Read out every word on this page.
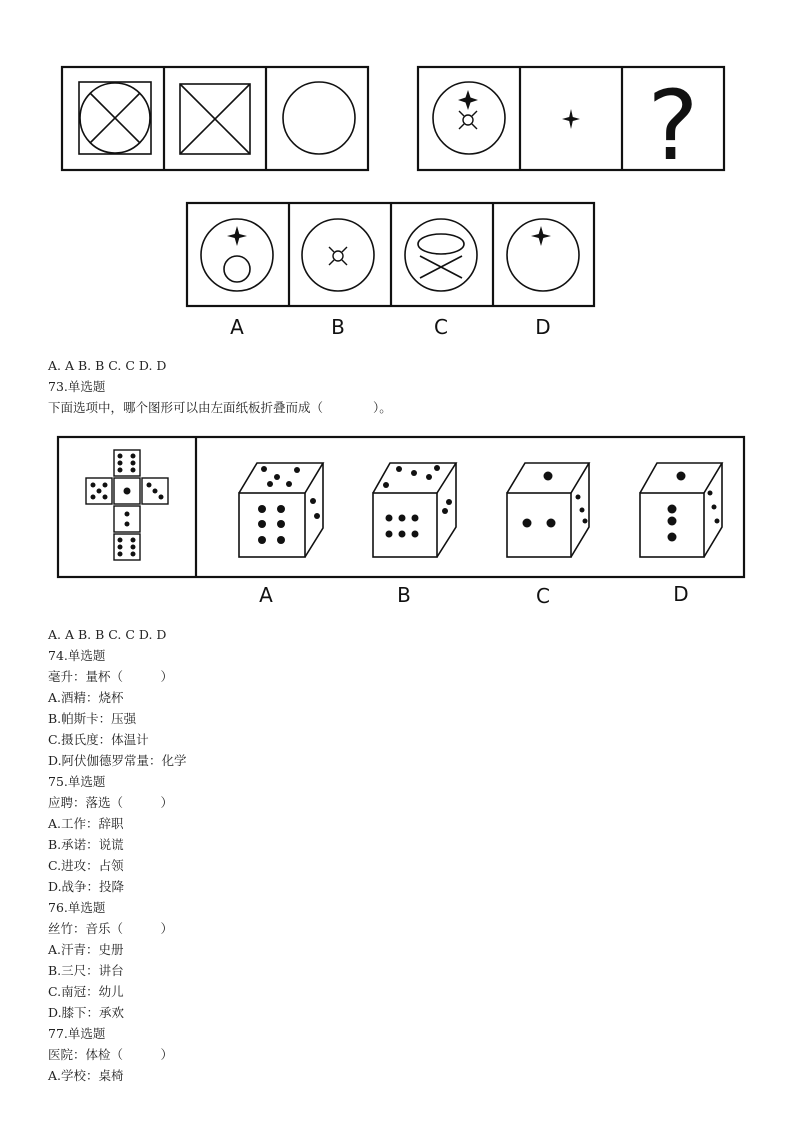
?
A	B	C	D
A. A B. B C. C D. D
73.单选题
下面选项中，哪个图形可以由左面纸板折叠而成（　　　　）。
A	B	C	D
A. A B. B C. C D. D
74.单选题
毫升：量杯（　　　）
A.酒精：烧杯
B.帕斯卡：压强
C.摄氏度：体温计
D.阿伏伽德罗常量：化学
75.单选题
应聘：落选（　　　）
A.工作：辞职
B.承诺：说谎
C.进攻：占领
D.战争：投降
76.单选题
丝竹：音乐（　　　）
A.汗青：史册
B.三尺：讲台
C.南冠：幼儿
D.膝下：承欢
77.单选题
医院：体检（　　　）
A.学校：桌椅
